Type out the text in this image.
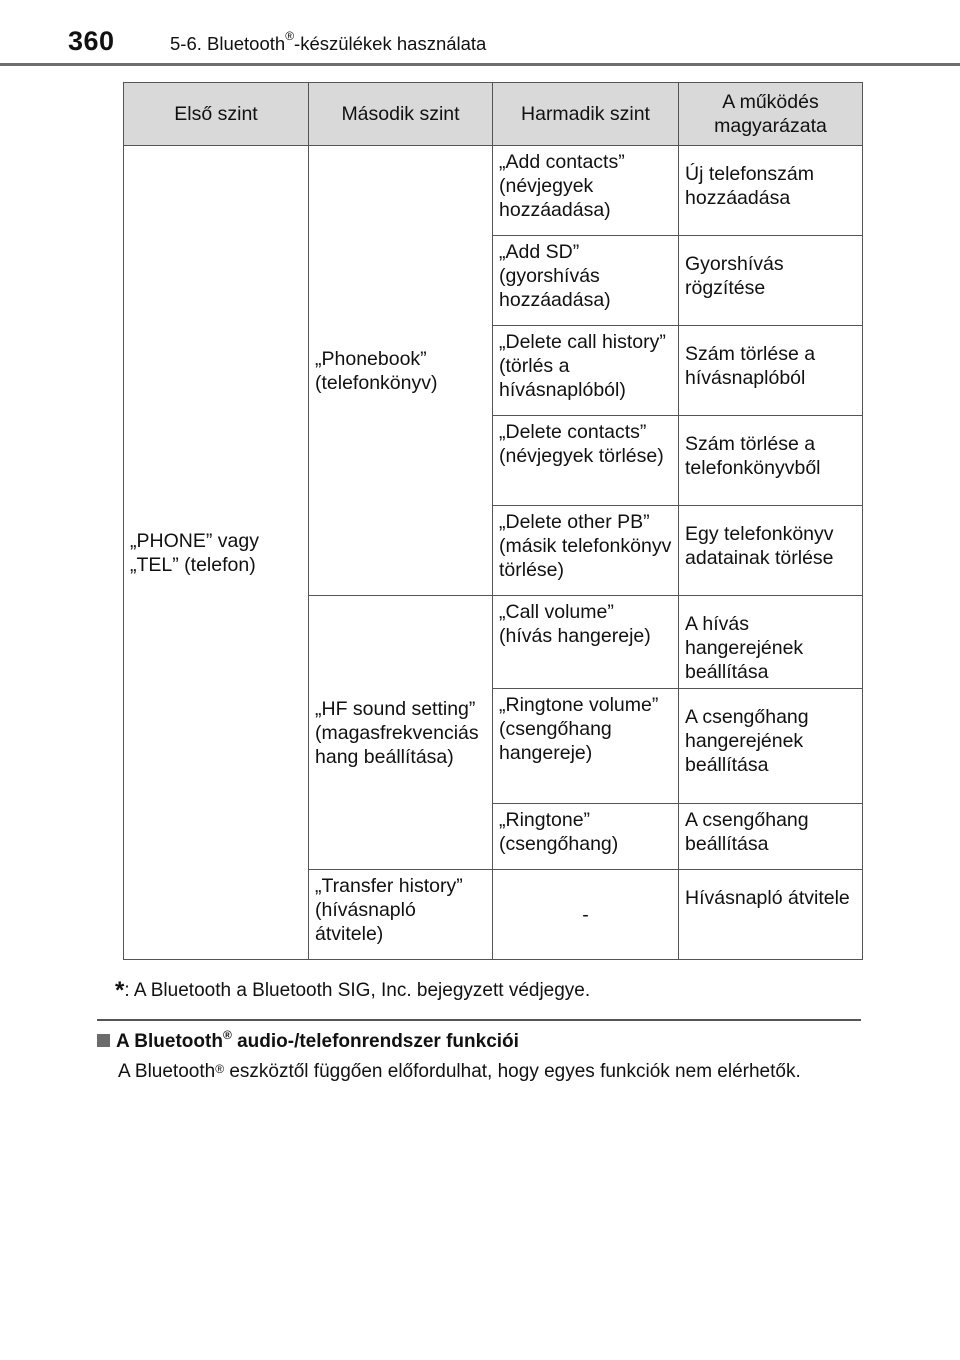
360	5-6. Bluetooth®-készülékek használata
Első szint	Második szint	Harmadik szint	A működés magyarázata
„PHONE” vagy „TEL” (telefon)	„Phonebook” (telefonkönyv)	„Add contacts” (névjegyek hozzáadása)	Új telefonszám hozzáadása
		„Add SD” (gyorshívás hozzáadása)	Gyorshívás rögzítése
		„Delete call history” (törlés a hívásnaplóból)	Szám törlése a hívásnaplóból
		„Delete contacts” (névjegyek törlése)	Szám törlése a telefonkönyvből
		„Delete other PB” (másik telefonkönyv törlése)	Egy telefonkönyv adatainak törlése
	„HF sound setting” (magasfrekvenciás hang beállítása)	„Call volume” (hívás hangereje)	A hívás hangerejének beállítása
		„Ringtone volume” (csengőhang hangereje)	A csengőhang hangerejének beállítása
		„Ringtone” (csengőhang)	A csengőhang beállítása
	„Transfer history” (hívásnapló átvitele)	-	Hívásnapló átvitele
*: A Bluetooth a Bluetooth SIG, Inc. bejegyzett védjegye.
A Bluetooth® audio-/telefonrendszer funkciói
A Bluetooth® eszköztől függően előfordulhat, hogy egyes funkciók nem elérhetők.
